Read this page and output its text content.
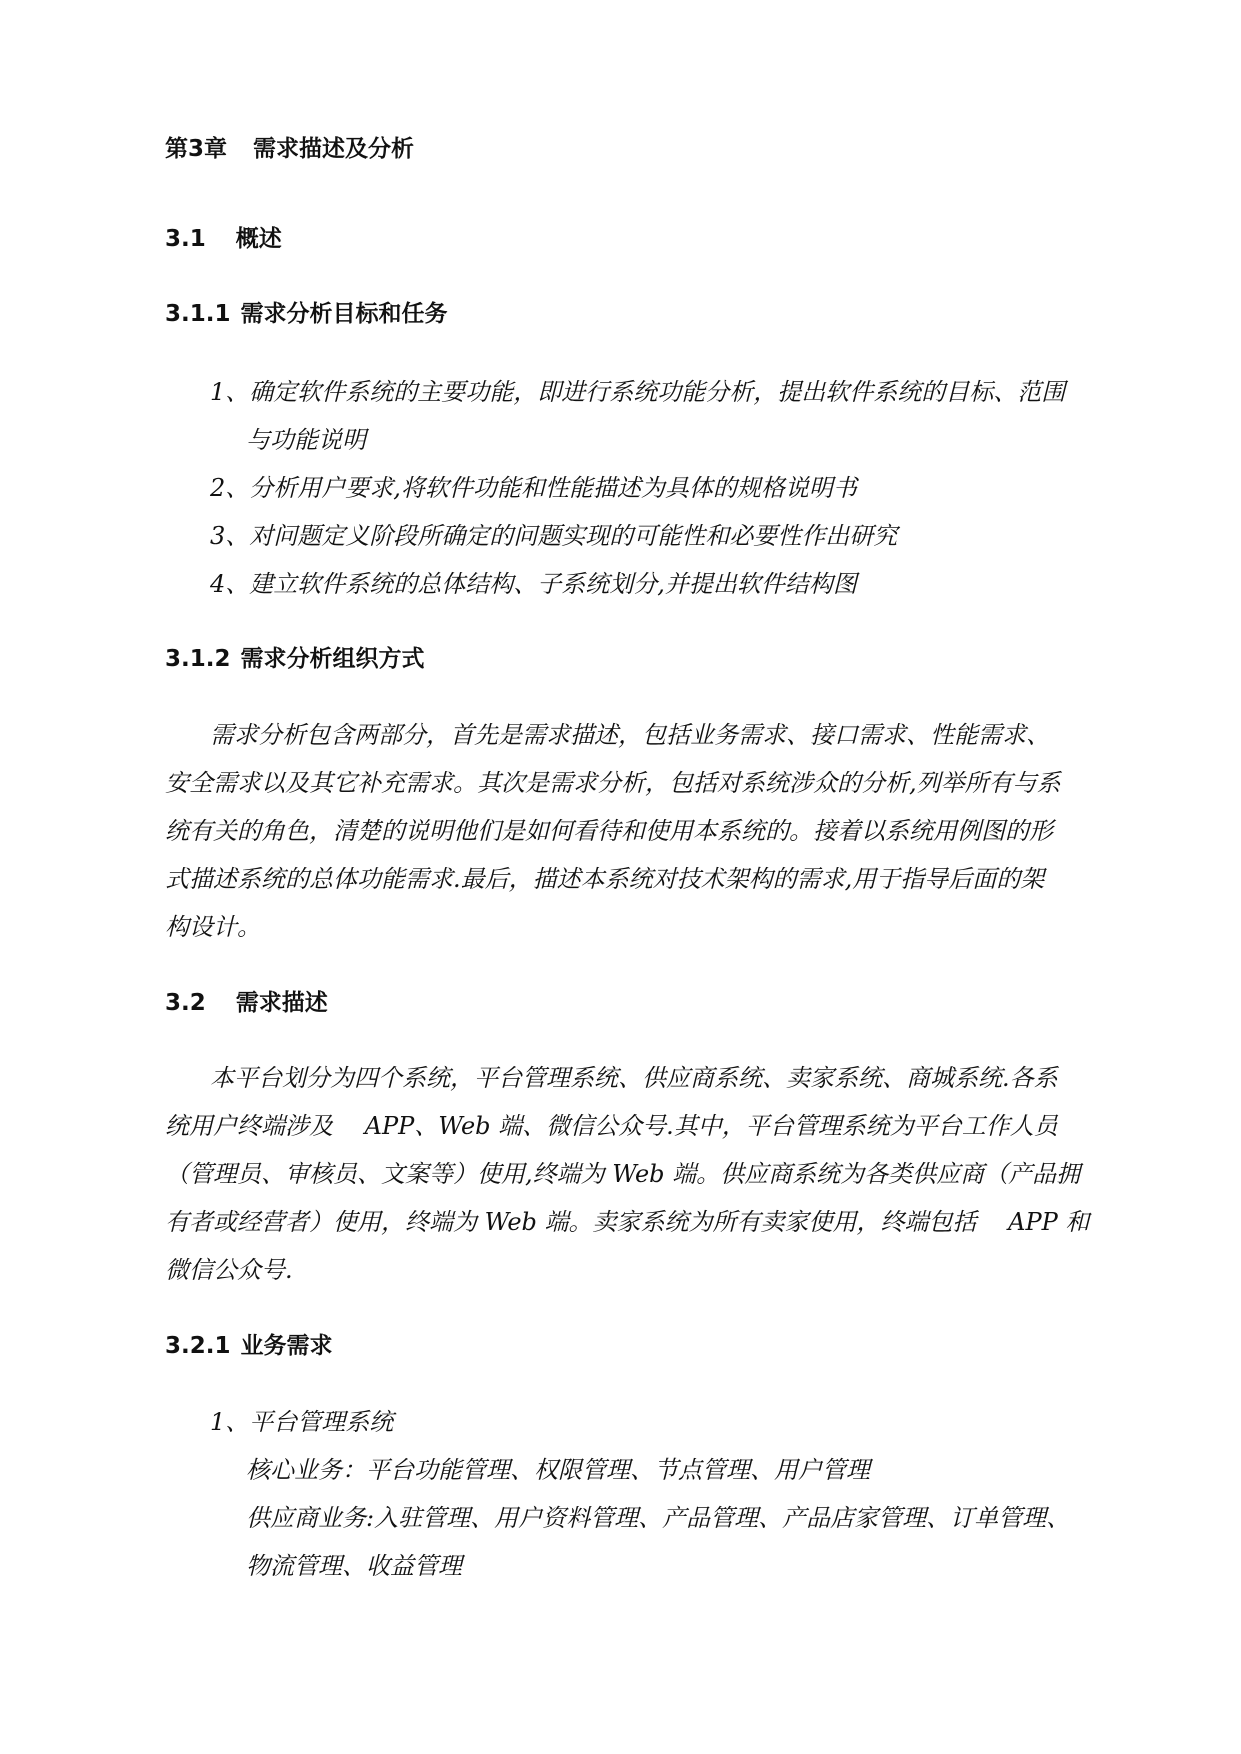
第3章 需求描述及分析
3.1 概述
3.1.1 需求分析目标和任务

1、确定软件系统的主要功能，即进行系统功能分析，提出软件系统的目标、范围

与功能说明

2、分析用户要求,将软件功能和性能描述为具体的规格说明书

3、对问题定义阶段所确定的问题实现的可能性和必要性作出研究

4、建立软件系统的总体结构、子系统划分,并提出软件结构图

3.1.2 需求分析组织方式

需求分析包含两部分，首先是需求描述，包括业务需求、接口需求、性能需求、

安全需求以及其它补充需求。其次是需求分析，包括对系统涉众的分析,列举所有与系

统有关的角色，清楚的说明他们是如何看待和使用本系统的。接着以系统用例图的形

式描述系统的总体功能需求.最后，描述本系统对技术架构的需求,用于指导后面的架

构设计。

3.2 需求描述

本平台划分为四个系统，平台管理系统、供应商系统、卖家系统、商城系统.各系

统用户终端涉及　 APP、Web 端、微信公众号.其中，平台管理系统为平台工作人员

（管理员、审核员、文案等）使用,终端为 Web 端。供应商系统为各类供应商（产品拥

有者或经营者）使用，终端为 Web 端。卖家系统为所有卖家使用，终端包括　 APP 和

微信公众号.

3.2.1 业务需求

1、平台管理系统

核心业务：平台功能管理、权限管理、节点管理、用户管理

供应商业务:入驻管理、用户资料管理、产品管理、产品店家管理、订单管理、

物流管理、收益管理
